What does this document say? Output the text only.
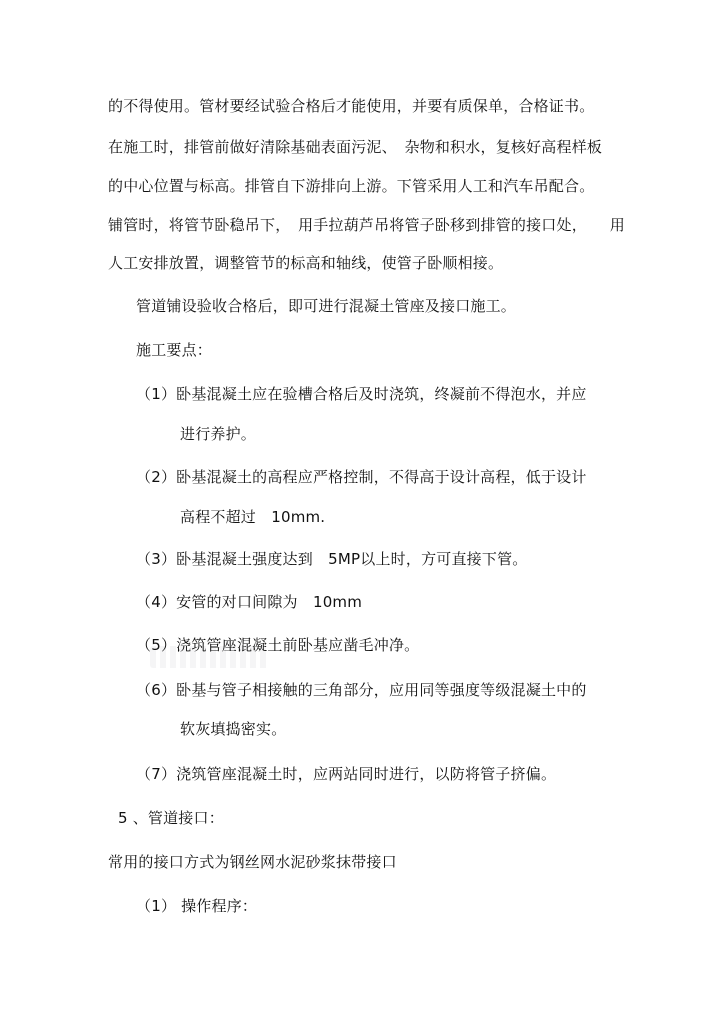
的不得使用。管材要经试验合格后才能使用，并要有质保单，合格证书。
在施工时，排管前做好清除基础表面污泥、　杂物和积水，复核好高程样板
的中心位置与标高。排管自下游排向上游。下管采用人工和汽车吊配合。
铺管时，将管节卧稳吊下，　用手拉葫芦吊将管子卧移到排管的接口处，　　用
人工安排放置，调整管节的标高和轴线，使管子卧顺相接。
管道铺设验收合格后，即可进行混凝土管座及接口施工。
施工要点：
（1）卧基混凝土应在验槽合格后及时浇筑，终凝前不得泡水，并应
进行养护。
（2）卧基混凝土的高程应严格控制，不得高于设计高程，低于设计
高程不超过　10mm.
（3）卧基混凝土强度达到　5MP以上时，方可直接下管。
（4）安管的对口间隙为　10mm
（5）浇筑管座混凝土前卧基应凿毛冲净。
（6）卧基与管子相接触的三角部分，应用同等强度等级混凝土中的
软灰填捣密实。
（7）浇筑管座混凝土时，应两站同时进行，以防将管子挤偏。
5 、管道接口：
常用的接口方式为钢丝网水泥砂浆抹带接口
（1） 操作程序：
